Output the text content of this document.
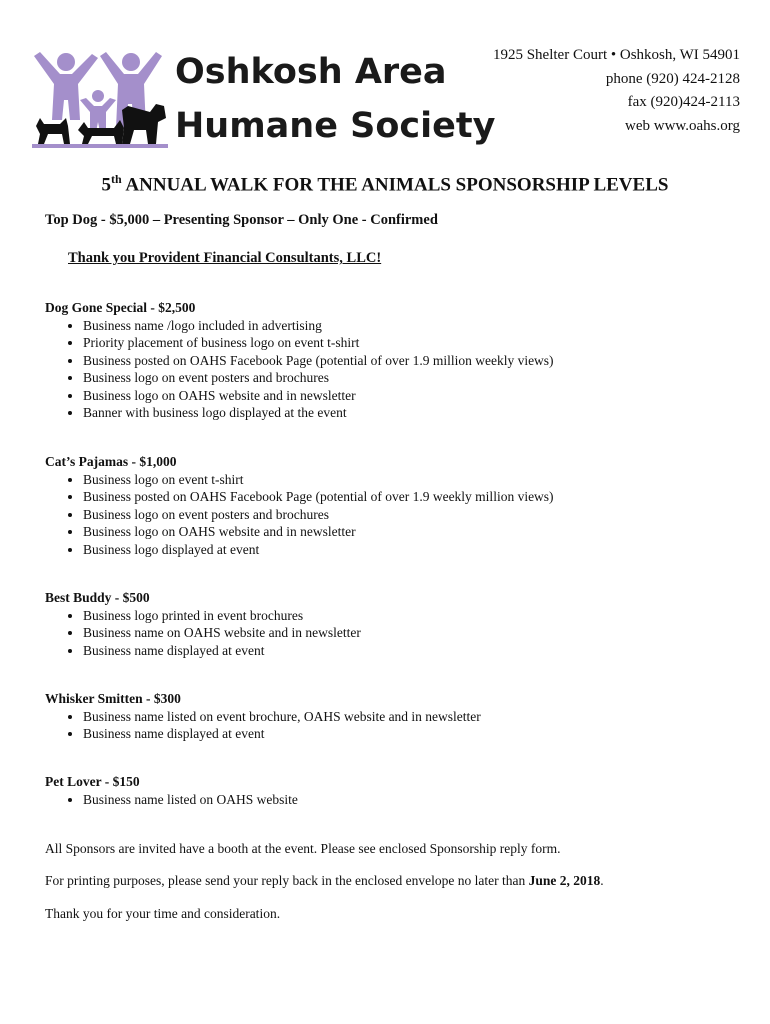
Oshkosh Area
Humane Society
1925 Shelter Court • Oshkosh, WI 54901
phone (920) 424-2128
fax (920)424-2113
web www.oahs.org
5th ANNUAL WALK FOR THE ANIMALS SPONSORSHIP LEVELS
Top Dog - $5,000 – Presenting Sponsor – Only One - Confirmed
Thank you Provident Financial Consultants, LLC!
Dog Gone Special - $2,500
• Business name /logo included in advertising
• Priority placement of business logo on event t-shirt
• Business posted on OAHS Facebook Page (potential of over 1.9 million weekly views)
• Business logo on event posters and brochures
• Business logo on OAHS website and in newsletter
• Banner with business logo displayed at the event
Cat’s Pajamas - $1,000
• Business logo on event t-shirt
• Business posted on OAHS Facebook Page (potential of over 1.9 weekly million views)
• Business logo on event posters and brochures
• Business logo on OAHS website and in newsletter
• Business logo displayed at event
Best Buddy - $500
• Business logo printed in event brochures
• Business name on OAHS website and in newsletter
• Business name displayed at event
Whisker Smitten - $300
• Business name listed on event brochure, OAHS website and in newsletter
• Business name displayed at event
Pet Lover - $150
• Business name listed on OAHS website
All Sponsors are invited have a booth at the event. Please see enclosed Sponsorship reply form.
For printing purposes, please send your reply back in the enclosed envelope no later than June 2, 2018.
Thank you for your time and consideration.
